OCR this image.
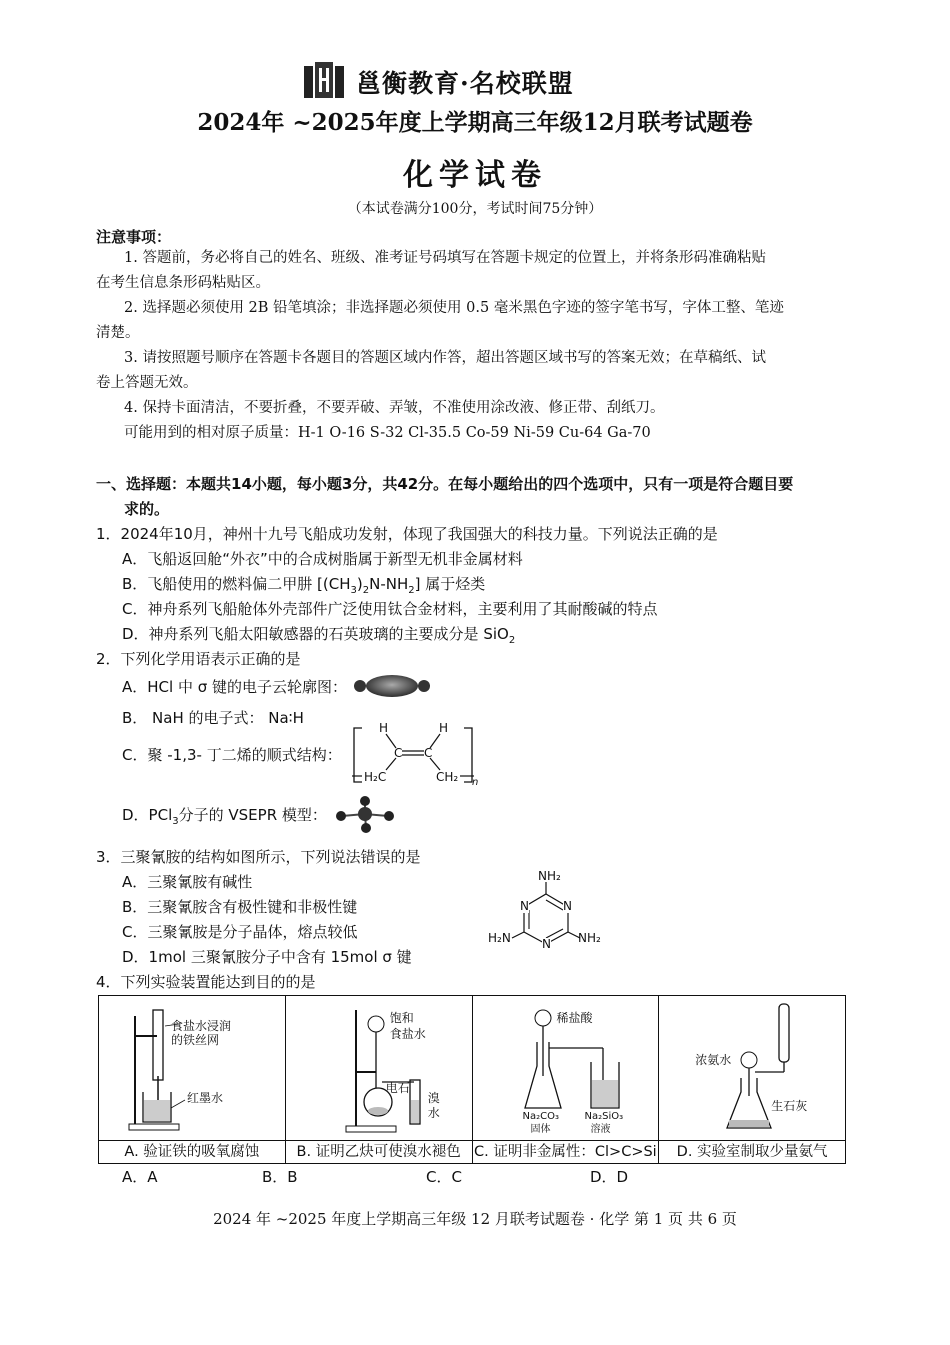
邕衡教育·名校联盟
2024年 ~2025年度上学期高三年级12月联考试题卷
化学试卷
（本试卷满分100分，考试时间75分钟）
注意事项：
1. 答题前，务必将自己的姓名、班级、准考证号码填写在答题卡规定的位置上，并将条形码准确粘贴
在考生信息条形码粘贴区。
2. 选择题必须使用 2B 铅笔填涂；非选择题必须使用 0.5 毫米黑色字迹的签字笔书写，字体工整、笔迹
清楚。
3. 请按照题号顺序在答题卡各题目的答题区域内作答，超出答题区域书写的答案无效；在草稿纸、试
卷上答题无效。
4. 保持卡面清洁，不要折叠，不要弄破、弄皱，不准使用涂改液、修正带、刮纸刀。
可能用到的相对原子质量：H-1 O-16 S-32 Cl-35.5 Co-59 Ni-59 Cu-64 Ga-70
一、选择题：本题共14小题，每小题3分，共42分。在每小题给出的四个选项中，只有一项是符合题目要
求的。
1．2024年10月，神州十九号飞船成功发射，体现了我国强大的科技力量。下列说法正确的是
A．飞船返回舱“外衣”中的合成树脂属于新型无机非金属材料
B．飞船使用的燃料偏二甲肼 $[(CH_3)_2N-NH_2]$ 属于烃类
C．神舟系列飞船舱体外壳部件广泛使用钛合金材料，主要利用了其耐酸碱的特点
D．神舟系列飞船太阳敏感器的石英玻璃的主要成分是 SiO$_2$
2．下列化学用语表示正确的是
A．HCl 中 σ 键的电子云轮廓图：
B． NaH 的电子式： Na∶H
C．聚 -1,3- 丁二烯的顺式结构：
H	H
C C
H₂C	CH₂ n
D．PCl$_3$分子的 VSEPR 模型：
3．三聚氰胺的结构如图所示，下列说法错误的是
A．三聚氰胺有碱性
B．三聚氰胺含有极性键和非极性键
C．三聚氰胺是分子晶体，熔点较低
D．1mol 三聚氰胺分子中含有 15mol σ 键
NH₂
H₂N	NH₂
N
N
N
4．下列实验装置能达到目的的是
食盐水浸润
的铁丝网
红墨水
A. 验证铁的吸氧腐蚀

饱和
食盐水
电石
溴
水
B. 证明乙炔可使溴水褪色

稀盐酸
Na₂CO₃
固体
Na₂SiO₃
溶液
C. 证明非金属性：Cl>C>Si

浓氨水
生石灰
D. 实验室制取少量氨气
A．A	B．B	C．C	D．D
2024 年 ~2025 年度上学期高三年级 12 月联考试题卷 · 化学 第 1 页 共 6 页
